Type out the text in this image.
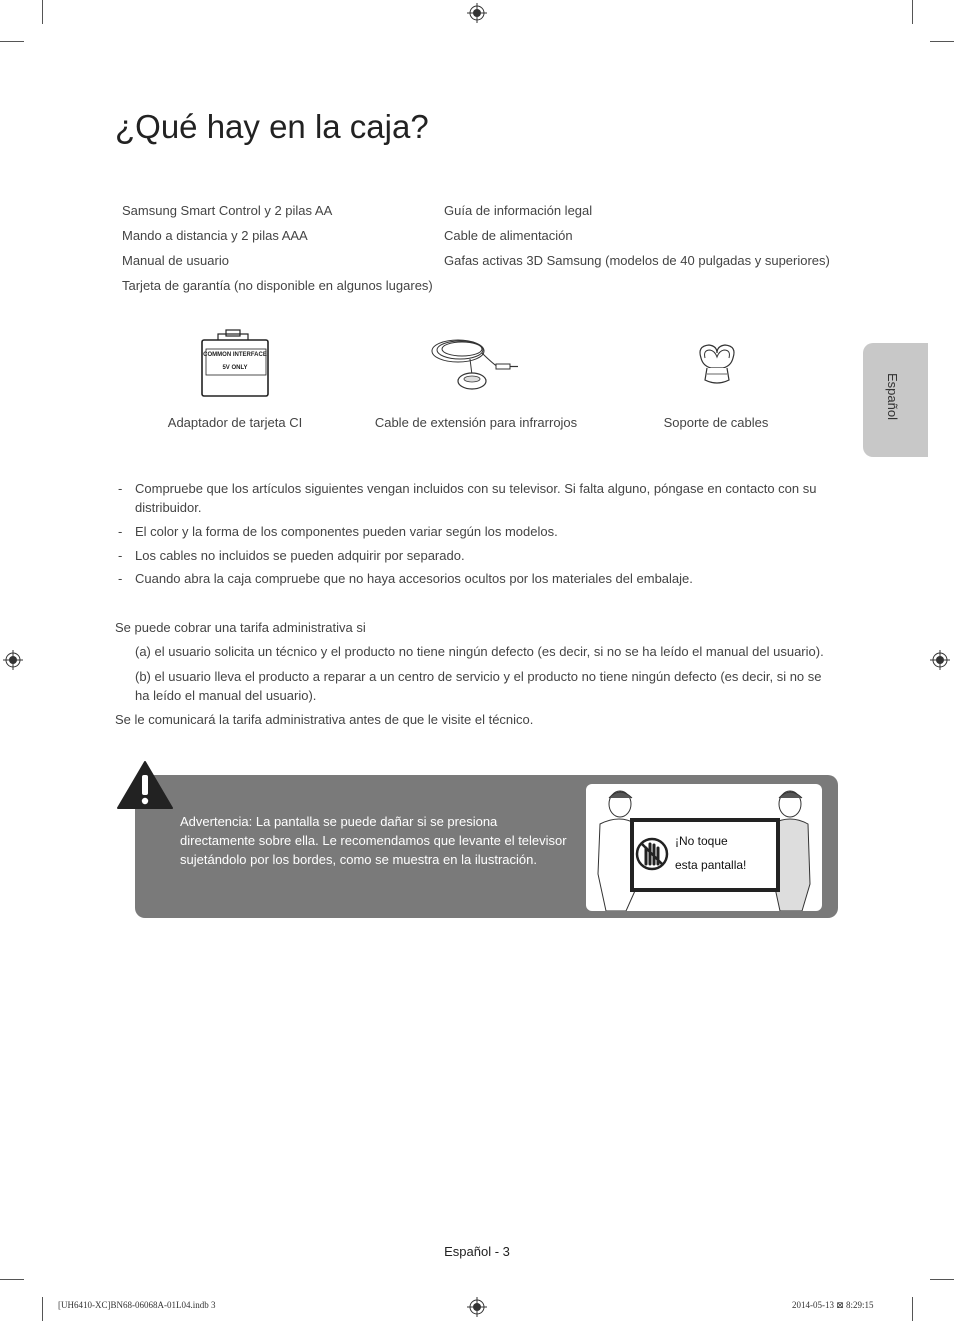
Español
¿Qué hay en la caja?
Samsung Smart Control y 2 pilas AA
Mando a distancia y 2 pilas AAA
Manual de usuario
Tarjeta de garantía (no disponible en algunos lugares)
Guía de información legal
Cable de alimentación
Gafas activas 3D Samsung (modelos de 40 pulgadas y superiores)
COMMON INTERFACE
5V ONLY
Adaptador de tarjeta CI	Cable de extensión para infrarrojos	Soporte de cables
- Compruebe que los artículos siguientes vengan incluidos con su televisor. Si falta alguno, póngase en contacto con su distribuidor.
- El color y la forma de los componentes pueden variar según los modelos.
- Los cables no incluidos se pueden adquirir por separado.
- Cuando abra la caja compruebe que no haya accesorios ocultos por los materiales del embalaje.
Se puede cobrar una tarifa administrativa si
(a) el usuario solicita un técnico y el producto no tiene ningún defecto (es decir, si no se ha leído el manual del usuario).
(b) el usuario lleva el producto a reparar a un centro de servicio y el producto no tiene ningún defecto (es decir, si no se ha leído el manual del usuario).
Se le comunicará la tarifa administrativa antes de que le visite el técnico.
Advertencia: La pantalla se puede dañar si se presiona directamente sobre ella. Le recomendamos que levante el televisor sujetándolo por los bordes, como se muestra en la ilustración.
¡No toque
esta pantalla!
Español - 3
[UH6410-XC]BN68-06068A-01L04.indb 3	2014-05-13 ⊠ 8:29:15
